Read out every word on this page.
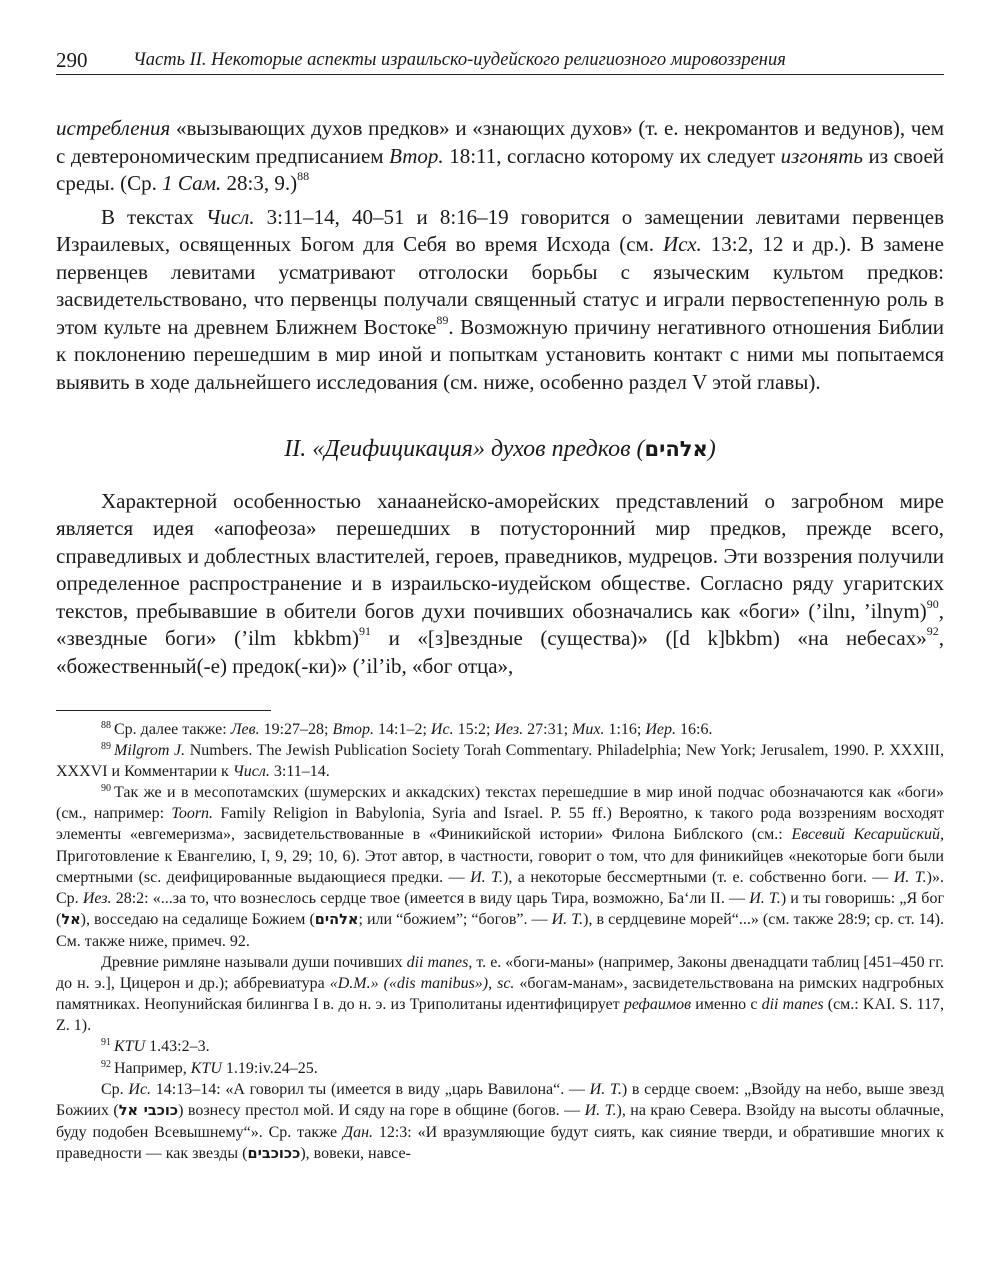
290 Часть II. Некоторые аспекты израильско-иудейского религиозного мировоззрения

истребления «вызывающих духов предков» и «знающих духов» (т. е. некромантов и ведунов), чем с девтерономическим предписанием Втор. 18:11, согласно которому их следует изгонять из своей среды. (Ср. 1 Сам. 28:3, 9.)$^{88}$

В текстах Числ. 3:11–14, 40–51 и 8:16–19 говорится о замещении левитами первенцев Израилевых, освященных Богом для Себя во время Исхода (см. Исх. 13:2, 12 и др.). В замене первенцев левитами усматривают отголоски борьбы с языческим культом предков: засвидетельствовано, что первенцы получали священный статус и играли первостепенную роль в этом культе на древнем Ближнем Востоке$^{89}$. Возможную причину негативного отношения Библии к поклонению перешедшим в мир иной и попыткам установить контакт с ними мы попытаемся выявить в ходе дальнейшего исследования (см. ниже, особенно раздел V этой главы).

II. «Деифицикация» духов предков (אלהים)

Характерной особенностью ханаанейско-аморейских представлений о загробном мире является идея «апофеоза» перешедших в потусторонний мир предков, прежде всего, справедливых и доблестных властителей, героев, праведников, мудрецов. Эти воззрения получили определенное распространение и в израильско-иудейском обществе. Согласно ряду угаритских текстов, пребывавшие в обители богов духи почивших обозначались как «боги» (’ilnı, ’ilnym)$^{90}$, «звездные боги» (’ilm kbkbm)$^{91}$ и «[з]вездные (существа)» ([d k]bkbm) «на небесах»$^{92}$, «божественный(-е) предок(-ки)» (’il’ib, «бог отца»,

$^{88}$ Ср. далее также: Лев. 19:27–28; Втор. 14:1–2; Ис. 15:2; Иез. 27:31; Мих. 1:16; Иер. 16:6.

$^{89}$ Milgrom J. Numbers. The Jewish Publication Society Torah Commentary. Philadelphia; New York; Jerusalem, 1990. P. XXXIII, XXXVI и Комментарии к Числ. 3:11–14.

$^{90}$ Так же и в месопотамских (шумерских и аккадских) текстах перешедшие в мир иной подчас обозначаются как «боги» (см., например: Toorn. Family Religion in Babylonia, Syria and Israel. P. 55 ff.) Вероятно, к такого рода воззрениям восходят элементы «евгемеризма», засвидетельствованные в «Финикийской истории» Филона Библского (см.: Евсевий Кесарийский, Приготовление к Евангелию, I, 9, 29; 10, 6). Этот автор, в частности, говорит о том, что для финикийцев «некоторые боги были смертными (sc. деифицированные выдающиеся предки. — И. Т.), а некоторые бессмертными (т. е. собственно боги. — И. Т.)». Ср. Иез. 28:2: «...за то, что вознеслось сердце твое (имеется в виду царь Тира, возможно, Ба‘ли II. — И. Т.) и ты говоришь: „Я бог (אל), восседаю на седалище Божием (אלהים; или “божием”; “богов”. — И. Т.), в сердцевине морей“...» (см. также 28:9; ср. ст. 14). См. также ниже, примеч. 92.

Древние римляне называли души почивших dii manes, т. е. «боги-маны» (например, Законы двенадцати таблиц [451–450 гг. до н. э.], Цицерон и др.); аббревиатура «D.M.» («dis manibus»), sc. «богам-манам», засвидетельствована на римских надгробных памятниках. Неопунийская билингва I в. до н. э. из Триполитаны идентифицирует рефаимов именно с dii manes (см.: KAI. S. 117, Z. 1).

$^{91}$ KTU 1.43:2–3.

$^{92}$ Например, KTU 1.19:iv.24–25.

Ср. Ис. 14:13–14: «А говорил ты (имеется в виду „царь Вавилона“. — И. Т.) в сердце своем: „Взойду на небо, выше звезд Божиих (כוכבי אל) вознесу престол мой. И сяду на горе в общине (богов. — И. Т.), на краю Севера. Взойду на высоты облачные, буду подобен Всевышнему“». Ср. также Дан. 12:3: «И вразумляющие будут сиять, как сияние тверди, и обратившие многих к праведности — как звезды (ככוכבים), вовеки, навсе-
